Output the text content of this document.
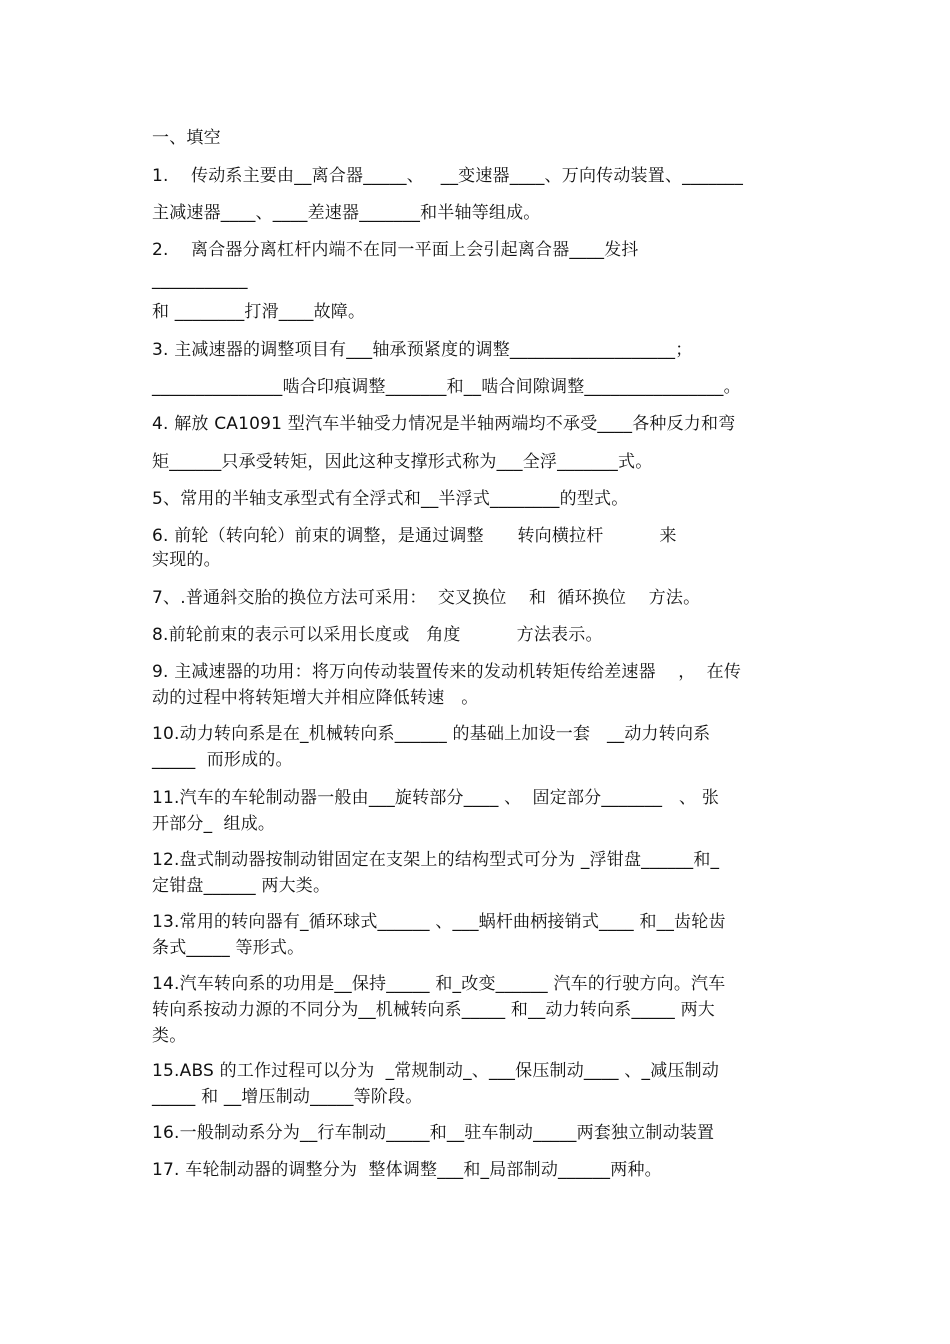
一、填空
1.    传动系主要由__离合器_____、   __变速器____、万向传动装置、_______
主减速器____、____差速器_______和半轴等组成。
2.    离合器分离杠杆内端不在同一平面上会引起离合器____发抖
___________
和 ________打滑____故障。
3. 主减速器的调整项目有___轴承预紧度的调整___________________；
_______________啮合印痕调整_______和__啮合间隙调整________________。
4. 解放 CA1091 型汽车半轴受力情况是半轴两端均不承受____各种反力和弯
矩______只承受转矩，因此这种支撑形式称为___全浮_______式。
5、常用的半轴支承型式有全浮式和__半浮式________的型式。
6. 前轮（转向轮）前束的调整，是通过调整      转向横拉杆          来
实现的。
7、.普通斜交胎的换位方法可采用：  交叉换位    和  循环换位    方法。
8.前轮前束的表示可以采用长度或   角度          方法表示。
9. 主减速器的功用：将万向传动装置传来的发动机转矩传给差速器    ，  在传
动的过程中将转矩增大并相应降低转速   。
10.动力转向系是在_机械转向系______ 的基础上加设一套   __动力转向系
_____  而形成的。
11.汽车的车轮制动器一般由___旋转部分____ 、  固定部分_______   、 张
开部分_  组成。
12.盘式制动器按制动钳固定在支架上的结构型式可分为 _浮钳盘______和_
定钳盘______ 两大类。
13.常用的转向器有_循环球式______ 、___蜗杆曲柄接销式____ 和__齿轮齿
条式_____ 等形式。
14.汽车转向系的功用是__保持_____ 和_改变______ 汽车的行驶方向。汽车
转向系按动力源的不同分为__机械转向系_____ 和__动力转向系_____ 两大
类。
15.ABS 的工作过程可以分为  _常规制动_、___保压制动____ 、_减压制动
_____ 和 __增压制动_____等阶段。
16.一般制动系分为__行车制动_____和__驻车制动_____两套独立制动装置
17. 车轮制动器的调整分为  整体调整___和_局部制动______两种。
